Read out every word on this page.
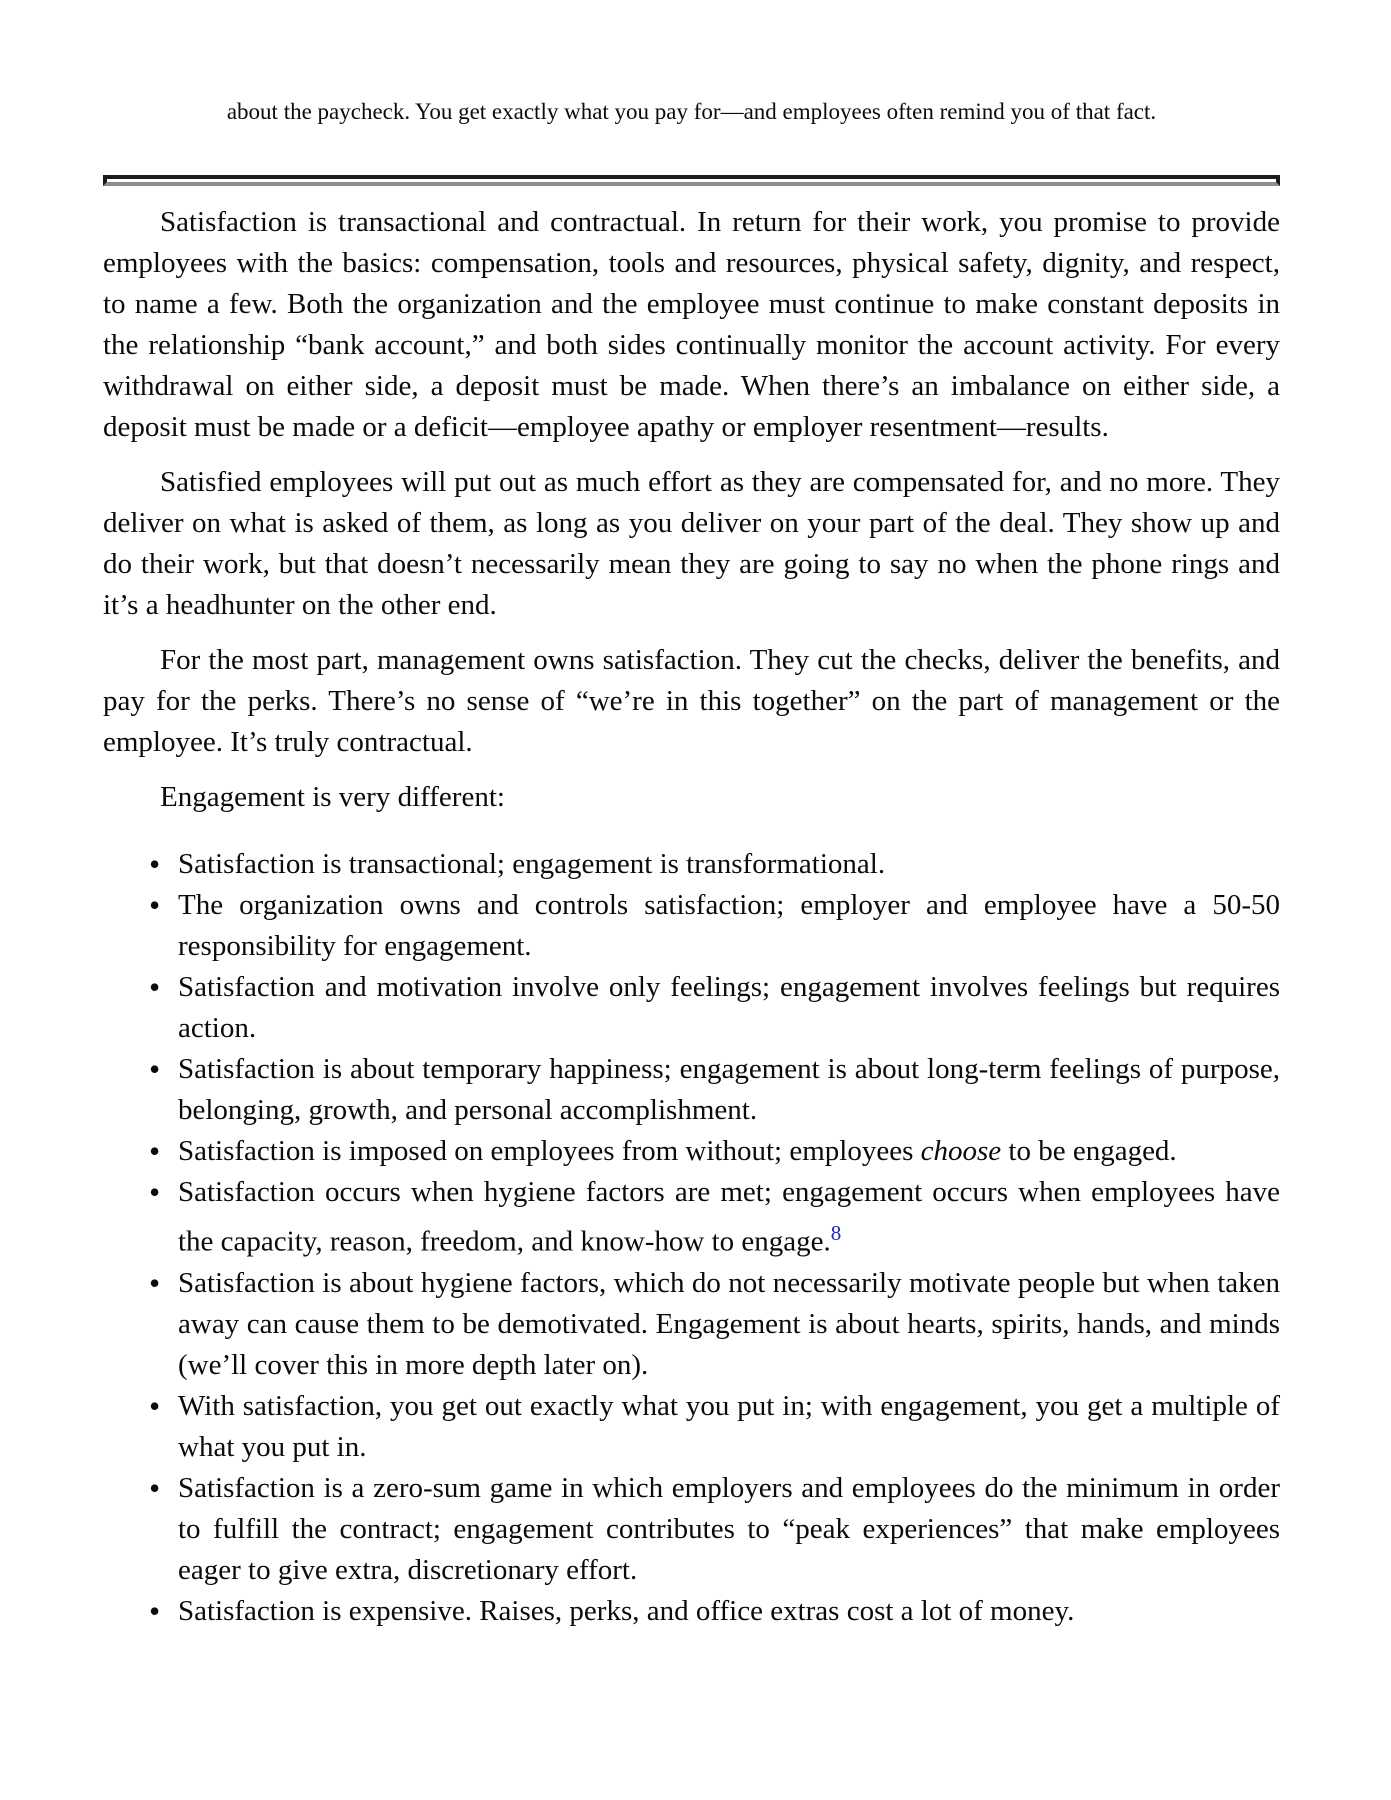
about the paycheck. You get exactly what you pay for—and employees often remind you of that fact.

Satisfaction is transactional and contractual. In return for their work, you promise to provide employees with the basics: compensation, tools and resources, physical safety, dignity, and respect, to name a few. Both the organization and the employee must continue to make constant deposits in the relationship “bank account,” and both sides continually monitor the account activity. For every withdrawal on either side, a deposit must be made. When there’s an imbalance on either side, a deposit must be made or a deficit—employee apathy or employer resentment—results.

Satisfied employees will put out as much effort as they are compensated for, and no more. They deliver on what is asked of them, as long as you deliver on your part of the deal. They show up and do their work, but that doesn’t necessarily mean they are going to say no when the phone rings and it’s a headhunter on the other end.

For the most part, management owns satisfaction. They cut the checks, deliver the benefits, and pay for the perks. There’s no sense of “we’re in this together” on the part of management or the employee. It’s truly contractual.

Engagement is very different:

• Satisfaction is transactional; engagement is transformational.
• The organization owns and controls satisfaction; employer and employee have a 50-50 responsibility for engagement.
• Satisfaction and motivation involve only feelings; engagement involves feelings but requires action.
• Satisfaction is about temporary happiness; engagement is about long-term feelings of purpose, belonging, growth, and personal accomplishment.
• Satisfaction is imposed on employees from without; employees choose to be engaged.
• Satisfaction occurs when hygiene factors are met; engagement occurs when employees have the capacity, reason, freedom, and know-how to engage.$^8$
• Satisfaction is about hygiene factors, which do not necessarily motivate people but when taken away can cause them to be demotivated. Engagement is about hearts, spirits, hands, and minds (we’ll cover this in more depth later on).
• With satisfaction, you get out exactly what you put in; with engagement, you get a multiple of what you put in.
• Satisfaction is a zero-sum game in which employers and employees do the minimum in order to fulfill the contract; engagement contributes to “peak experiences” that make employees eager to give extra, discretionary effort.
• Satisfaction is expensive. Raises, perks, and office extras cost a lot of money.
